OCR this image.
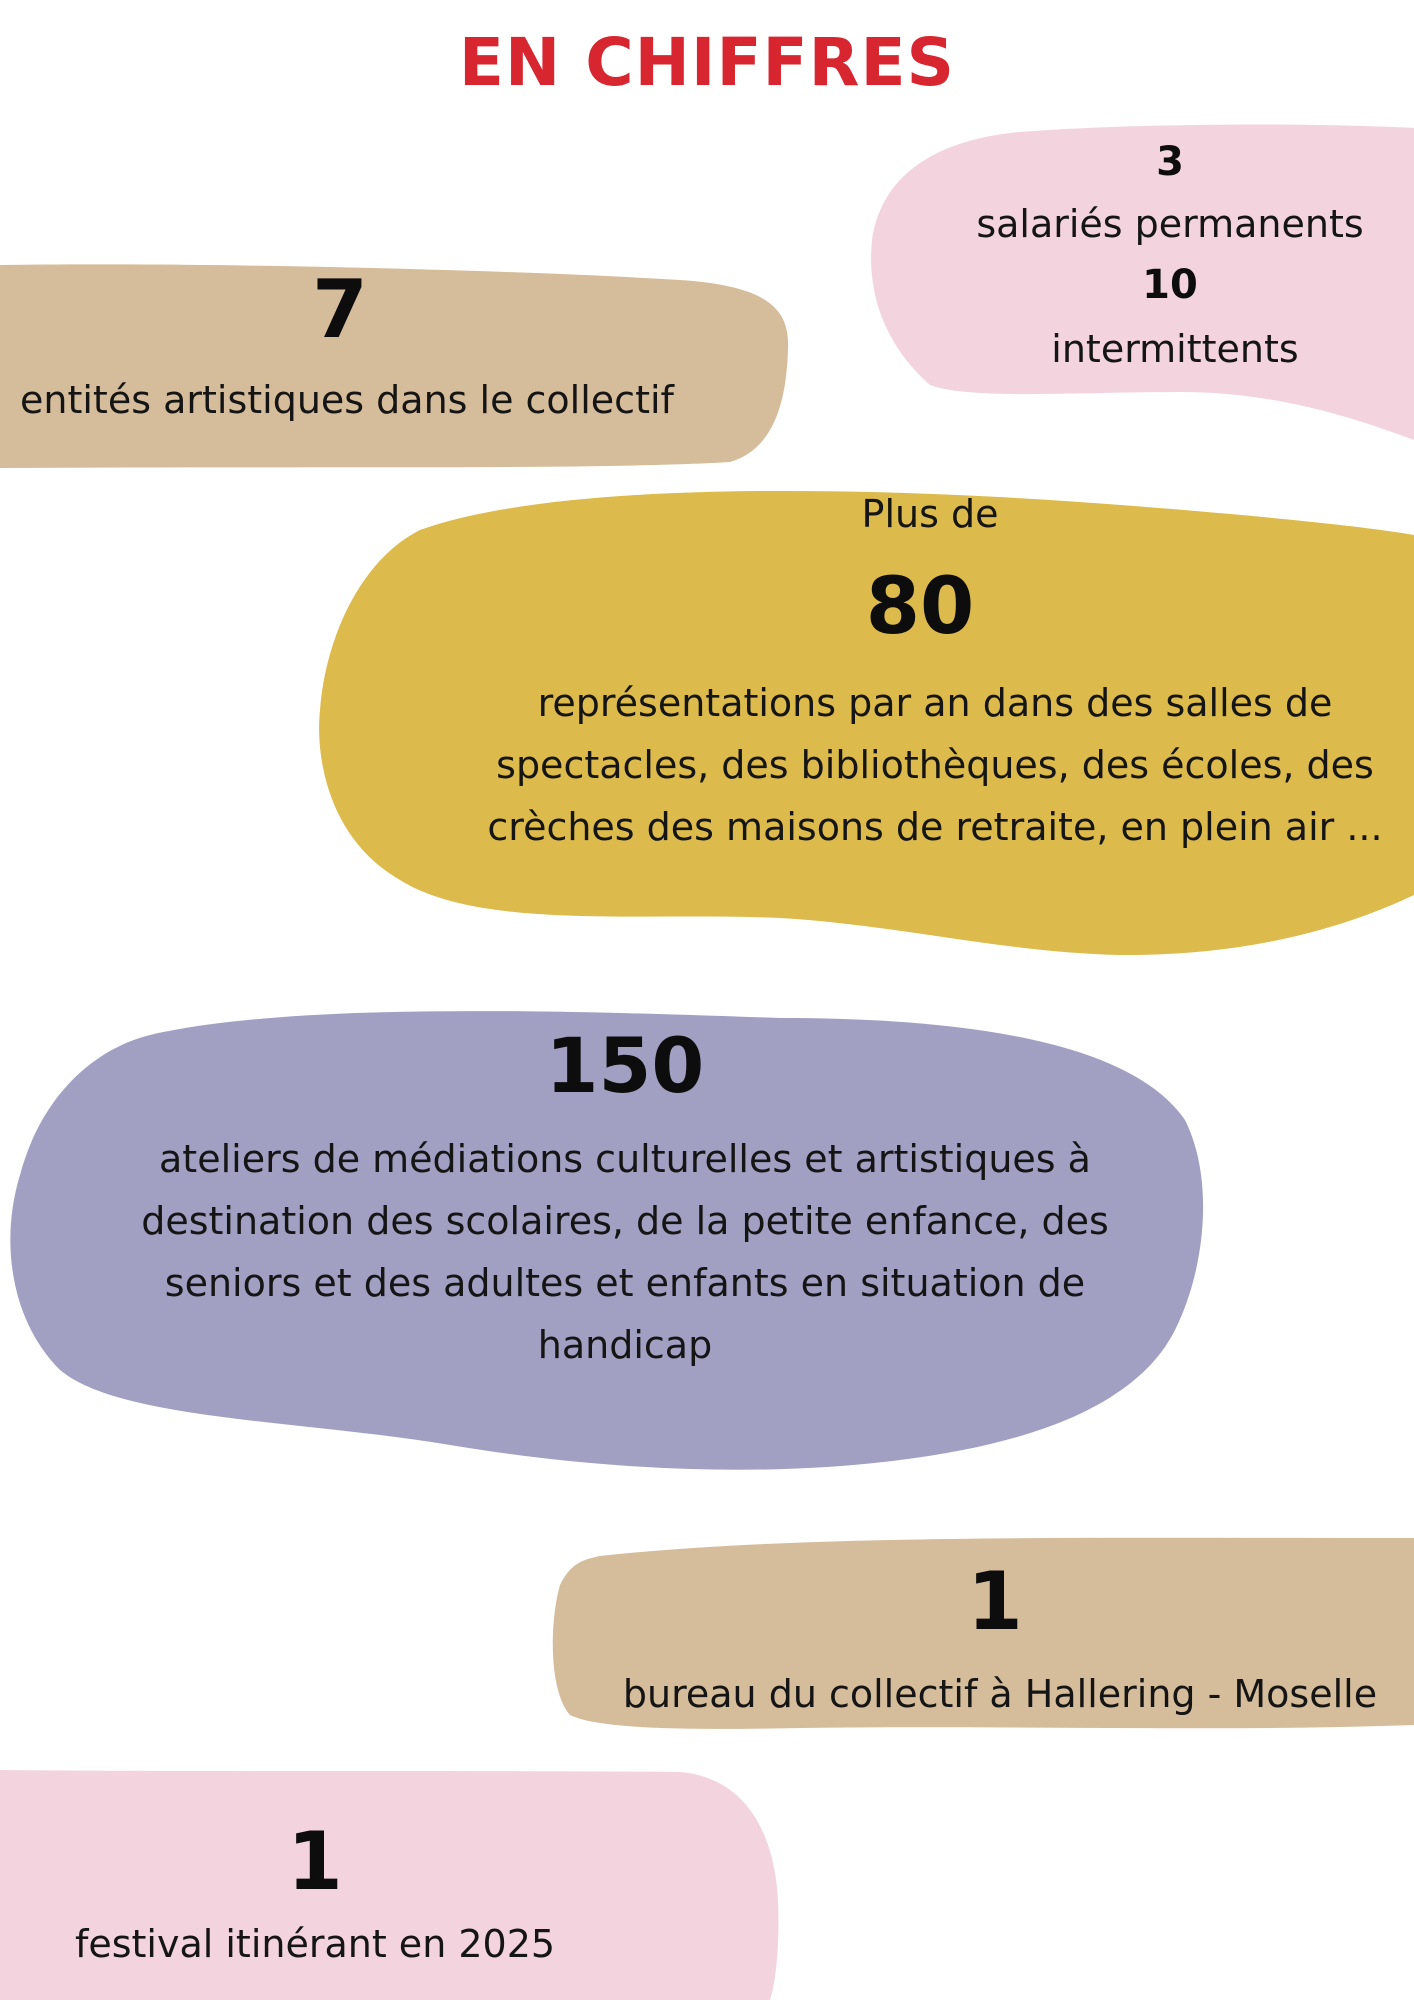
EN CHIFFRES
3
salariés permanents
10
intermittents
7
entités artistiques dans le collectif
Plus de
80
représentations par an dans des salles de
spectacles, des bibliothèques, des écoles, des
crèches des maisons de retraite, en plein air ...
150
ateliers de médiations culturelles et artistiques à
destination des scolaires, de la petite enfance, des
seniors et des adultes et enfants en situation de
handicap
1
bureau du collectif à Hallering - Moselle
1
festival itinérant en 2025
